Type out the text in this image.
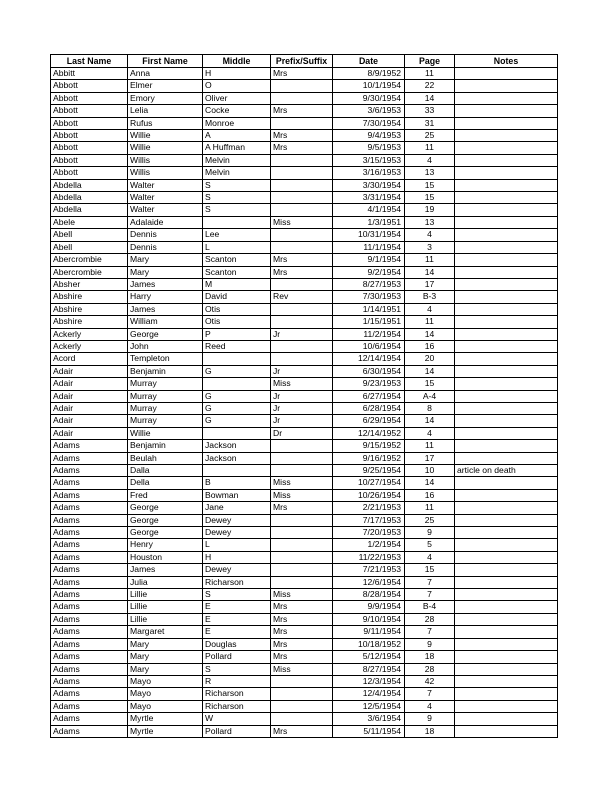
Last Name	First Name	Middle	Prefix/Suffix	Date	Page	Notes
Abbitt	Anna	H	Mrs	8/9/1952	11	
Abbott	Elmer	O		10/1/1954	22	
Abbott	Emory	Oliver		9/30/1954	14	
Abbott	Lelia	Cocke	Mrs	3/6/1953	33	
Abbott	Rufus	Monroe		7/30/1954	31	
Abbott	Willie	A	Mrs	9/4/1953	25	
Abbott	Willie	A Huffman	Mrs	9/5/1953	11	
Abbott	Willis	Melvin		3/15/1953	4	
Abbott	Willis	Melvin		3/16/1953	13	
Abdella	Walter	S		3/30/1954	15	
Abdella	Walter	S		3/31/1954	15	
Abdella	Walter	S		4/1/1954	19	
Abele	Adalaide		Miss	1/3/1951	13	
Abell	Dennis	Lee		10/31/1954	4	
Abell	Dennis	L		11/1/1954	3	
Abercrombie	Mary	Scanton	Mrs	9/1/1954	11	
Abercrombie	Mary	Scanton	Mrs	9/2/1954	14	
Absher	James	M		8/27/1953	17	
Abshire	Harry	David	Rev	7/30/1953	B-3	
Abshire	James	Otis		1/14/1951	4	
Abshire	William	Otis		1/15/1951	11	
Ackerly	George	P	Jr	11/2/1954	14	
Ackerly	John	Reed		10/6/1954	16	
Acord	Templeton			12/14/1954	20	
Adair	Benjamin	G	Jr	6/30/1954	14	
Adair	Murray		Miss	9/23/1953	15	
Adair	Murray	G	Jr	6/27/1954	A-4	
Adair	Murray	G	Jr	6/28/1954	8	
Adair	Murray	G	Jr	6/29/1954	14	
Adair	Willie		Dr	12/14/1952	4	
Adams	Benjamin	Jackson		9/15/1952	11	
Adams	Beulah	Jackson		9/16/1952	17	
Adams	Dalla			9/25/1954	10	article on death
Adams	Della	B	Miss	10/27/1954	14	
Adams	Fred	Bowman	Miss	10/26/1954	16	
Adams	George	Jane	Mrs	2/21/1953	11	
Adams	George	Dewey		7/17/1953	25	
Adams	George	Dewey		7/20/1953	9	
Adams	Henry	L		1/2/1954	5	
Adams	Houston	H		11/22/1953	4	
Adams	James	Dewey		7/21/1953	15	
Adams	Julia	Richarson		12/6/1954	7	
Adams	Lillie	S	Miss	8/28/1954	7	
Adams	Lillie	E	Mrs	9/9/1954	B-4	
Adams	Lillie	E	Mrs	9/10/1954	28	
Adams	Margaret	E	Mrs	9/11/1954	7	
Adams	Mary	Douglas	Mrs	10/18/1952	9	
Adams	Mary	Pollard	Mrs	5/12/1954	18	
Adams	Mary	S	Miss	8/27/1954	28	
Adams	Mayo	R		12/3/1954	42	
Adams	Mayo	Richarson		12/4/1954	7	
Adams	Mayo	Richarson		12/5/1954	4	
Adams	Myrtle	W		3/6/1954	9	
Adams	Myrtle	Pollard	Mrs	5/11/1954	18	
